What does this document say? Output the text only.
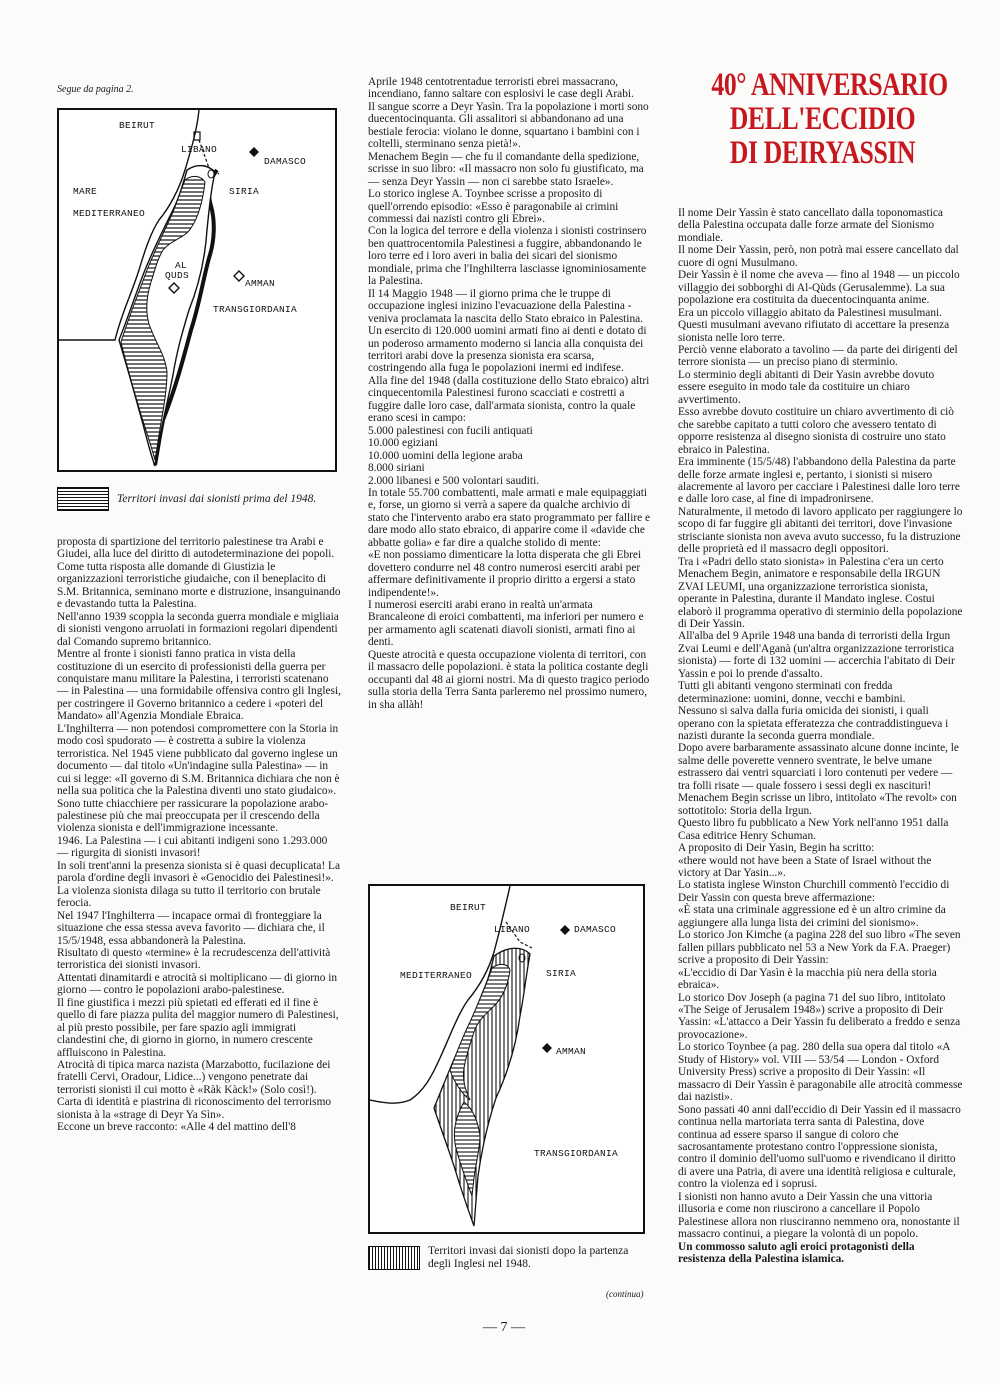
Segue da pagina 2.
BEIRUT
LIBANO
DAMASCO
MARE
MEDITERRANEO
SIRIA
AL
QUDS
AMMAN
TRANSGIORDANIA
Territori invasi dai sionisti prima del 1948.

proposta di spartizione del territorio palestinese tra Arabi e Giudei, alla luce del diritto di autodeterminazione dei popoli.

Come tutta risposta alle domande di Giustizia le organizzazioni terroristiche giudaiche, con il beneplacito di S.M. Britannica, seminano morte e distruzione, insanguinando e devastando tutta la Palestina.

Nell'anno 1939 scoppia la seconda guerra mondiale e migliaia di sionisti vengono arruolati in formazioni regolari dipendenti dal Comando supremo britannico.

Mentre al fronte i sionisti fanno pratica in vista della costituzione di un esercito di professionisti della guerra per conquistare manu militare la Palestina, i terroristi scatenano — in Palestina — una formidabile offensiva contro gli Inglesi, per costringere il Governo britannico a cedere i «poteri del Mandato» all'Agenzia Mondiale Ebraica.

L'Inghilterra — non potendosi compromettere con la Storia in modo così spudorato — è costretta a subire la violenza terroristica. Nel 1945 viene pubblicato dal governo inglese un documento — dal titolo «Un'indagine sulla Palestina» — in cui si legge: «Il governo di S.M. Britannica dichiara che non è nella sua politica che la Palestina diventi uno stato giudaico».

Sono tutte chiacchiere per rassicurare la popolazione arabo-palestinese più che mai preoccupata per il crescendo della violenza sionista e dell'immigrazione incessante.

1946. La Palestina — i cui abitanti indigeni sono 1.293.000 — rigurgita di sionisti invasori!

In soli trent'anni la presenza sionista si è quasi decuplicata! La parola d'ordine degli invasori è «Genocidio dei Palestinesi!». La violenza sionista dilaga su tutto il territorio con brutale ferocia.

Nel 1947 l'Inghilterra — incapace ormai di fronteggiare la situazione che essa stessa aveva favorito — dichiara che, il 15/5/1948, essa abbandonerà la Palestina.

Risultato di questo «termine» è la recrudescenza dell'attività terroristica dei sionisti invasori.

Attentati dinamitardi e atrocità si moltiplicano — di giorno in giorno — contro le popolazioni arabo-palestinese.

Il fine giustifica i mezzi più spietati ed efferati ed il fine è quello di fare piazza pulita del maggior numero di Palestinesi, al più presto possibile, per fare spazio agli immigrati clandestini che, di giorno in giorno, in numero crescente affluiscono in Palestina.

Atrocità di tipica marca nazista (Marzabotto, fucilazione dei fratelli Cervi, Oradour, Lidice...) vengono penetrate dai terroristi sionisti il cui motto è «Ràk Kàck!» (Solo così!).

Carta di identità e piastrina di riconoscimento del terrorismo sionista à la «strage di Deyr Ya Sìn».

Eccone un breve racconto: «Alle 4 del mattino dell'8

Aprile 1948 centotrentadue terroristi ebrei massacrano, incendiano, fanno saltare con esplosivi le case degli Arabi.

Il sangue scorre a Deyr Yasìn. Tra la popolazione i morti sono duecentocinquanta. Gli assalitori si abbandonano ad una bestiale ferocia: violano le donne, squartano i bambini con i coltelli, sterminano senza pietà!».

Menachem Begin — che fu il comandante della spedizione, scrisse in suo libro: «Il massacro non solo fu giustificato, ma — senza Deyr Yassin — non ci sarebbe stato Israele».

Lo storico inglese A. Toynbee scrisse a proposito di quell'orrendo episodio: «Esso è paragonabile ai crimini commessi dai nazisti contro gli Ebrei».

Con la logica del terrore e della violenza i sionisti costrinsero ben quattrocentomila Palestinesi a fuggire, abbandonando le loro terre ed i loro averi in balia dei sicari del sionismo mondiale, prima che l'Inghilterra lasciasse ignominiosamente la Palestina.

Il 14 Maggio 1948 — il giorno prima che le truppe di occupazione inglesi inizino l'evacuazione della Palestina - veniva proclamata la nascita dello Stato ebraico in Palestina.

Un esercito di 120.000 uomini armati fino ai denti e dotato di un poderoso armamento moderno si lancia alla conquista dei territori arabi dove la presenza sionista era scarsa, costringendo alla fuga le popolazioni inermi ed indifese.

Alla fine del 1948 (dalla costituzione dello Stato ebraico) altri cinquecentomila Palestinesi furono scacciati e costretti a fuggire dalle loro case, dall'armata sionista, contro la quale erano scesi in campo:

5.000 palestinesi con fucili antiquati

10.000 egiziani

10.000 uomini della legione araba

8.000 siriani

2.000 libanesi e 500 volontari sauditi.

In totale 55.700 combattenti, male armati e male equipaggiati e, forse, un giorno si verrà a sapere da qualche archivio di stato che l'intervento arabo era stato programmato per fallire e dare modo allo stato ebraico, di apparire come il «davide che abbatte golia» e far dire a qualche stolido di mente:

«E non possiamo dimenticare la lotta disperata che gli Ebrei dovettero condurre nel 48 contro numerosi eserciti arabi per affermare definitivamente il proprio diritto a ergersi a stato indipendente!».

I numerosi eserciti arabi erano in realtà un'armata Brancaleone di eroici combattenti, ma inferiori per numero e per armamento agli scatenati diavoli sionisti, armati fino ai denti.

Queste atrocità e questa occupazione violenta di territori, con il massacro delle popolazioni. è stata la politica costante degli occupanti dal 48 ai giorni nostri. Ma di questo tragico periodo sulla storia della Terra Santa parleremo nel prossimo numero, in sha allàh!

BEIRUT
LIBANO	DAMASCO
MEDITERRANEO	SIRIA
AMMAN
TRANSGIORDANIA
Territori invasi dai sionisti dopo la partenza
degli Inglesi nel 1948.
40° ANNIVERSARIO
DELL'ECCIDIO
DI DEIRYASSIN

Il nome Deir Yassìn è stato cancellato dalla toponomastica della Palestina occupata dalle forze armate del Sionismo mondiale.

Il nome Deir Yassin, però, non potrà mai essere cancellato dal cuore di ogni Musulmano.

Deir Yassìn è il nome che aveva — fino al 1948 — un piccolo villaggio dei sobborghi di Al-Qùds (Gerusalemme). La sua popolazione era costituita da duecentocinquanta anime.

Era un piccolo villaggio abitato da Palestinesi musulmani. Questi musulmani avevano rifiutato di accettare la presenza sionista nelle loro terre.

Perciò venne elaborato a tavolino — da parte dei dirigenti del terrore sionista — un preciso piano di sterminio.

Lo sterminio degli abitanti di Deir Yasin avrebbe dovuto essere eseguito in modo tale da costituire un chiaro avvertimento.

Esso avrebbe dovuto costituire un chiaro avvertimento di ciò che sarebbe capitato a tutti coloro che avessero tentato di opporre resistenza al disegno sionista di costruire uno stato ebraico in Palestina.

Era imminente (15/5/48) l'abbandono della Palestina da parte delle forze armate inglesi e, pertanto, i sionisti si misero alacremente al lavoro per cacciare i Palestinesi dalle loro terre e dalle loro case, al fine di impadronirsene.

Naturalmente, il metodo di lavoro applicato per raggiungere lo scopo di far fuggire gli abitanti dei territori, dove l'invasione strisciante sionista non aveva avuto successo, fu la distruzione delle proprietà ed il massacro degli oppositori.

Tra i «Padri dello stato sionista» in Palestina c'era un certo Menachem Begin, animatore e responsabile della IRGUN ZVAI LEUMI, una organizzazione terroristica sionista, operante in Palestina, durante il Mandato inglese. Costui elaborò il programma operativo di sterminio della popolazione di Deir Yassin.

All'alba del 9 Aprile 1948 una banda di terroristi della Irgun Zvai Leumi e dell'Aganà (un'altra organizzazione terroristica sionista) — forte di 132 uomini — accerchia l'abitato di Deir Yassin e poi lo prende d'assalto.

Tutti gli abitanti vengono sterminati con fredda determinazione: uomini, donne, vecchi e bambini.

Nessuno si salva dalla furia omicida dei sionisti, i quali operano con la spietata efferatezza che contraddistingueva i nazisti durante la seconda guerra mondiale.

Dopo avere barbaramente assassinato alcune donne incinte, le salme delle poverette vennero sventrate, le belve umane estrassero dai ventri squarciati i loro contenuti per vedere — tra folli risate — quale fossero i sessi degli ex nasciturì!

Menachem Begin scrisse un libro, intitolato «The revolt» con sottotitolo: Storia della Irgun.

Questo libro fu pubblicato a New York nell'anno 1951 dalla Casa editrice Henry Schuman.

A proposito di Deir Yasin, Begin ha scritto:

«there would not have been a State of Israel without the victory at Dar Yasin...».

Lo statista inglese Winston Churchill commentò l'eccidio di Deir Yassin con questa breve affermazione:

«È stata una criminale aggressione ed è un altro crimine da aggiungere alla lunga lista dei crimini del sionismo».

Lo storico Jon Kimche (a pagina 228 del suo libro «The seven fallen pillars pubblicato nel 53 a New York da F.A. Praeger) scrive a proposito di Deir Yassin:

«L'eccidio di Dar Yasìn è la macchia più nera della storia ebraica».

Lo storico Dov Joseph (a pagina 71 del suo libro, intitolato «The Seige of Jerusalem 1948») scrive a proposito di Deir Yassin: «L'attacco a Deir Yassin fu deliberato a freddo e senza provocazione».

Lo storico Toynbee (a pag. 280 della sua opera dal titolo «A Study of History» vol. VIII — 53/54 — London - Oxford University Press) scrive a proposito di Deir Yassin: «Il massacro di Deir Yassìn è paragonabile alle atrocità commesse dai nazisti».

Sono passati 40 anni dall'eccidio di Deir Yassin ed il massacro continua nella martoriata terra santa di Palestina, dove continua ad essere sparso il sangue di coloro che sacrosantamente protestano contro l'oppressione sionista, contro il dominio dell'uomo sull'uomo e rivendicano il diritto di avere una Patria, di avere una identità religiosa e culturale, contro la violenza ed i soprusi.

I sionisti non hanno avuto a Deir Yassin che una vittoria illusoria e come non riuscirono a cancellare il Popolo Palestinese allora non riusciranno nemmeno ora, nonostante il massacro continui, a piegare la volontà di un popolo.

Un commosso saluto agli eroici protagonisti della resistenza della Palestina islamica.

(continua)
— 7 —
